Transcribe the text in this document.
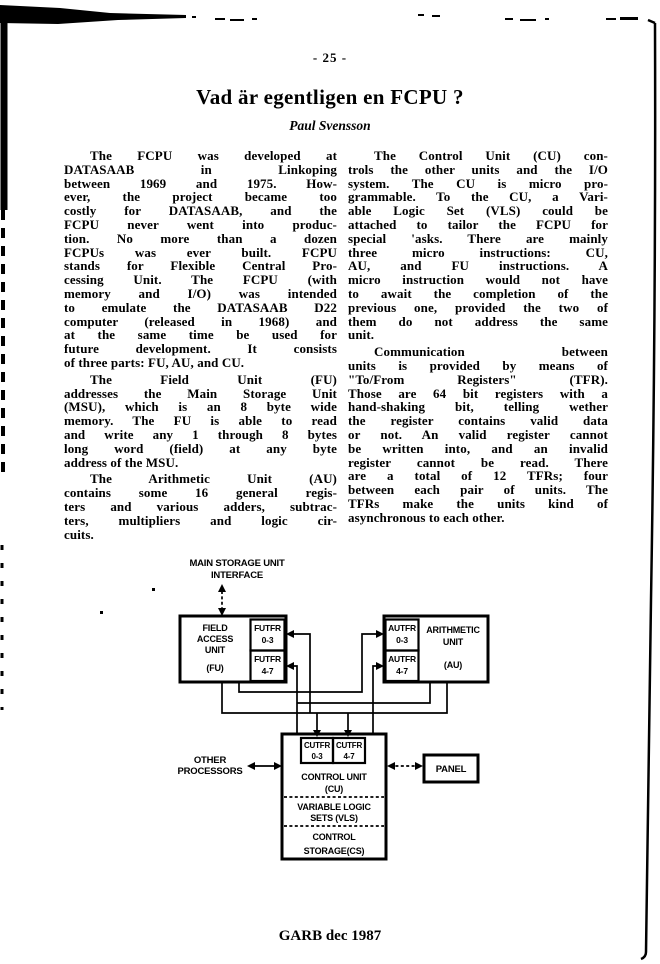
- 25 -
Vad är egentligen en FCPU ?
Paul Svensson
The FCPU was developed at
DATASAAB in Linkoping
between 1969 and 1975. How-
ever, the project became too
costly for DATASAAB, and the
FCPU never went into produc-
tion. No more than a dozen
FCPUs was ever built. FCPU
stands for Flexible Central Pro-
cessing Unit. The FCPU (with
memory and I/O) was intended
to emulate the DATASAAB D22
computer (released in 1968) and
at the same time be used for
future development. It consists
of three parts: FU, AU, and CU.
The Field Unit (FU)
addresses the Main Storage Unit
(MSU), which is an 8 byte wide
memory. The FU is able to read
and write any 1 through 8 bytes
long word (field) at any byte
address of the MSU.
The Arithmetic Unit (AU)
contains some 16 general regis-
ters and various adders, subtrac-
ters, multipliers and logic cir-
cuits.
The Control Unit (CU) con-
trols the other units and the I/O
system. The CU is micro pro-
grammable. To the CU, a Vari-
able Logic Set (VLS) could be
attached to tailor the FCPU for
special 'asks. There are mainly
three micro instructions: CU,
AU, and FU instructions. A
micro instruction would not have
to await the completion of the
previous one, provided the two of
them do not address the same
unit.
Communication between
units is provided by means of
"To/From Registers" (TFR).
Those are 64 bit registers with a
hand-shaking bit, telling wether
the register contains valid data
or not. An valid register cannot
be written into, and an invalid
register cannot be read. There
are a total of 12 TFRs; four
between each pair of units. The
TFRs make the units kind of
asynchronous to each other.
MAIN STORAGE UNIT
INTERFACE
FIELD
ACCESS
UNIT
(FU)
FUTFR
0-3
FUTFR
4-7
AUTFR
0-3
AUTFR
4-7
ARITHMETIC
UNIT
(AU)
CUTFR
0-3
CUTFR
4-7
CONTROL UNIT
(CU)
VARIABLE LOGIC
SETS (VLS)
CONTROL
STORAGE(CS)
OTHER
PROCESSORS	PANEL
GARB dec 1987
